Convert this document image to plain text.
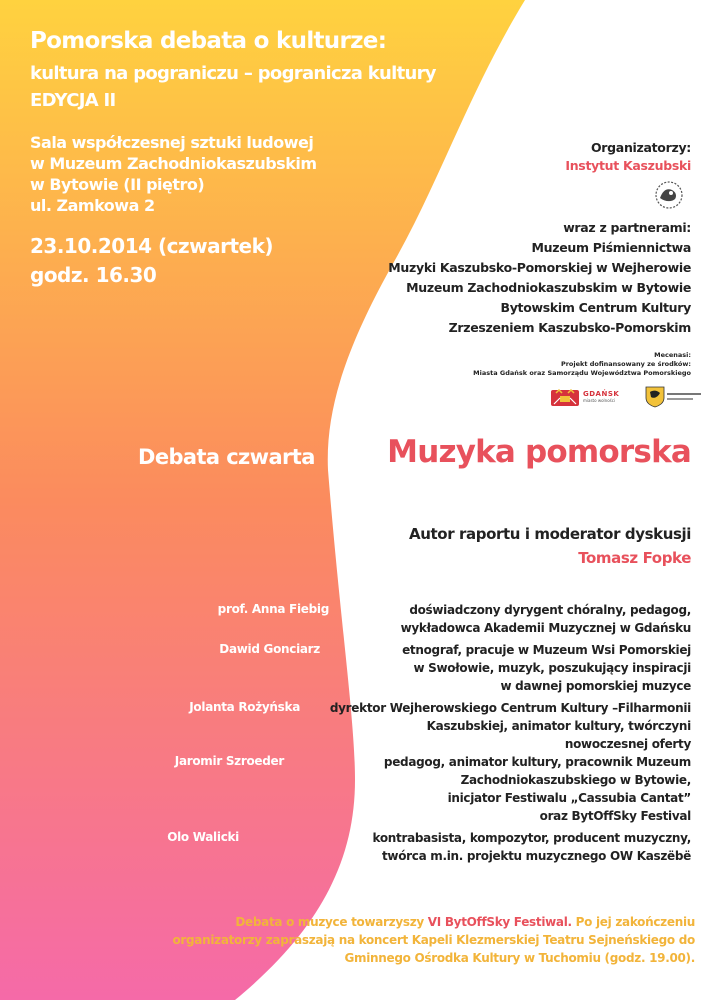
Pomorska debata o kulturze:
kultura na pograniczu – pogranicza kultury
EDYCJA II
Sala współczesnej sztuki ludowej
w Muzeum Zachodniokaszubskim
w Bytowie (II piętro)
ul. Zamkowa 2
23.10.2014 (czwartek)
godz. 16.30
Organizatorzy:
Instytut Kaszubski
wraz z partnerami:
Muzeum Piśmiennictwa
Muzyki Kaszubsko-Pomorskiej w Wejherowie
Muzeum Zachodniokaszubskim w Bytowie
Bytowskim Centrum Kultury
Zrzeszeniem Kaszubsko-Pomorskim
Mecenasi:
Projekt dofinansowany ze środków:
Miasta Gdańsk oraz Samorządu Województwa Pomorskiego
GDAŃSK
miasto wolności
Debata czwarta Muzyka pomorska
Autor raportu i moderator dyskusji
Tomasz Fopke
prof. Anna Fiebig	doświadczony dyrygent chóralny, pedagog,
wykładowca Akademii Muzycznej w Gdańsku
Dawid Gonciarz	etnograf, pracuje w Muzeum Wsi Pomorskiej
w Swołowie, muzyk, poszukujący inspiracji
w dawnej pomorskiej muzyce
Jolanta Rożyńska dyrektor Wejherowskiego Centrum Kultury –Filharmonii
Kaszubskiej, animator kultury, twórczyni
nowoczesnej oferty
Jaromir Szroeder	pedagog, animator kultury, pracownik Muzeum
Zachodniokaszubskiego w Bytowie,
inicjator Festiwalu „Cassubia Cantat”
oraz BytOffSky Festival
Olo Walicki	kontrabasista, kompozytor, producent muzyczny,
twórca m.in. projektu muzycznego OW Kaszëbë
Debata o muzyce towarzyszy VI BytOffSky Festiwal. Po jej zakończeniu
organizatorzy zapraszają na koncert Kapeli Klezmerskiej Teatru Sejneńskiego do
Gminnego Ośrodka Kultury w Tuchomiu (godz. 19.00).
